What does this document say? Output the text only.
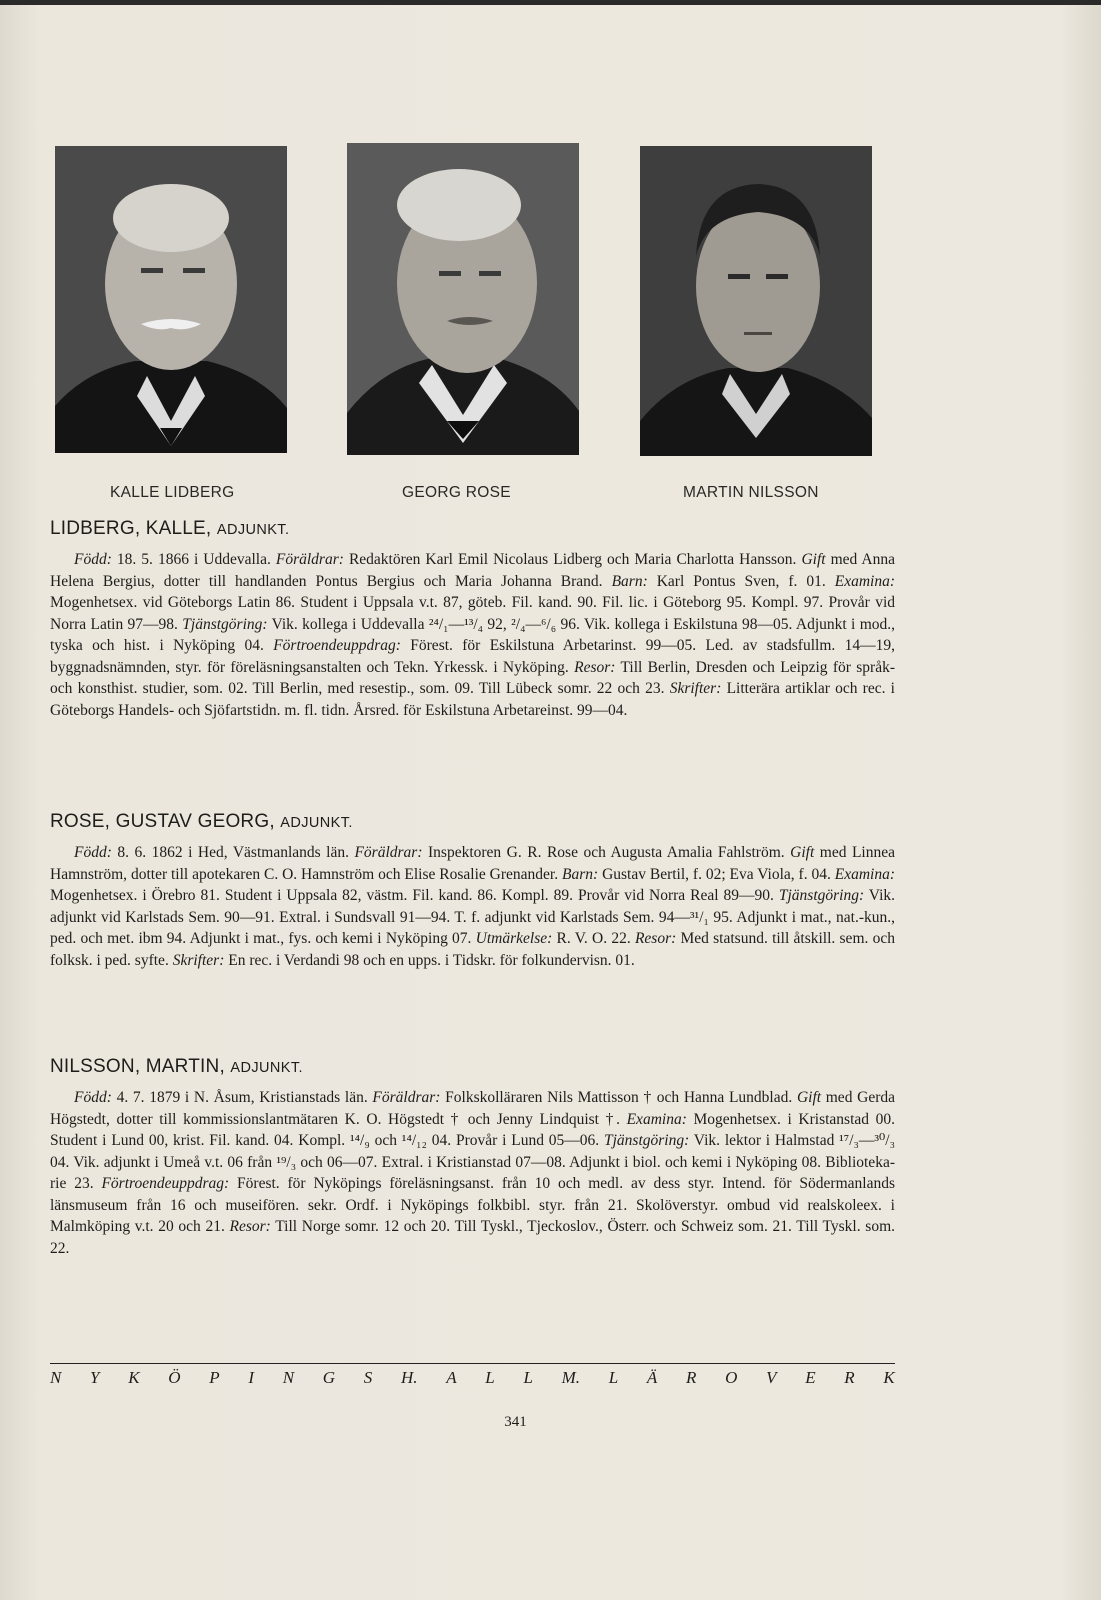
KALLE LIDBERG	GEORG ROSE	MARTIN NILSSON
LIDBERG, KALLE, ADJUNKT.

Född: 18. 5. 1866 i Uddevalla. Föräldrar: Redaktören Karl Emil Nicolaus Lidberg och Maria Charlotta Hansson. Gift med Anna Helena Bergius, dotter till handlanden Pontus Bergius och Maria Johanna Brand. Barn: Karl Pontus Sven, f. 01. Examina: Mogenhetsex. vid Göteborgs Latin 86. Student i Uppsala v.t. 87, göteb. Fil. kand. 90. Fil. lic. i Göteborg 95. Kompl. 97. Provår vid Norra Latin 97—98. Tjänstgöring: Vik. kollega i Uddevalla ²⁴/₁—¹³/₄ 92, ²/₄—⁶/₆ 96. Vik. kollega i Eskilstuna 98—05. Adjunkt i mod., tyska och hist. i Nyköping 04. Förtroendeuppdrag: Förest. för Eskilstuna Arbetarinst. 99—05. Led. av stadsfullm. 14—19, byggnadsnämnden, styr. för föreläsningsanstalten och Tekn. Yrkessk. i Nyköping. Resor: Till Berlin, Dresden och Leipzig för språk- och konsthist. studier, som. 02. Till Berlin, med resestip., som. 09. Till Lübeck somr. 22 och 23. Skrifter: Litterära artiklar och rec. i Göteborgs Handels- och Sjöfartstidn. m. fl. tidn. Årsred. för Eskilstuna Arbetareinst. 99—04.

ROSE, GUSTAV GEORG, ADJUNKT.

Född: 8. 6. 1862 i Hed, Västmanlands län. Föräldrar: Inspektoren G. R. Rose och Augusta Amalia Fahlström. Gift med Linnea Hamnström, dotter till apotekaren C. O. Hamnström och Elise Rosalie Grenander. Barn: Gustav Bertil, f. 02; Eva Viola, f. 04. Examina: Mogenhetsex. i Örebro 81. Student i Uppsala 82, västm. Fil. kand. 86. Kompl. 89. Provår vid Norra Real 89—90. Tjänstgöring: Vik. adjunkt vid Karlstads Sem. 90—91. Extral. i Sundsvall 91—94. T. f. adjunkt vid Karlstads Sem. 94—³¹/₁ 95. Adjunkt i mat., nat.-kun., ped. och met. ibm 94. Adjunkt i mat., fys. och kemi i Nyköping 07. Utmärkelse: R. V. O. 22. Resor: Med statsund. till åtskill. sem. och folksk. i ped. syfte. Skrifter: En rec. i Verdandi 98 och en upps. i Tidskr. för folkundervisn. 01.

NILSSON, MARTIN, ADJUNKT.

Född: 4. 7. 1879 i N. Åsum, Kristianstads län. Föräldrar: Folkskolläraren Nils Mattisson † och Hanna Lundblad. Gift med Gerda Högstedt, dotter till kommissionslantmätaren K. O. Högstedt † och Jenny Lindquist †. Examina: Mogenhetsex. i Kristanstad 00. Student i Lund 00, krist. Fil. kand. 04. Kompl. ¹⁴/₉ och ¹⁴/₁₂ 04. Provår i Lund 05—06. Tjänstgöring: Vik. lektor i Halmstad ¹⁷/₃—³⁰/₃ 04. Vik. adjunkt i Umeå v.t. 06 från ¹⁹/₃ och 06—07. Extral. i Kristianstad 07—08. Adjunkt i biol. och kemi i Nyköping 08. Bibliotekarie 23. Förtroendeuppdrag: Förest. för Nyköpings föreläsningsanst. från 10 och medl. av dess styr. Intend. för Södermanlands länsmuseum från 16 och museifören. sekr. Ordf. i Nyköpings folkbibl. styr. från 21. Skolöverstyr. ombud vid realskoleex. i Malmköping v.t. 20 och 21. Resor: Till Norge somr. 12 och 20. Till Tyskl., Tjeckoslov., Österr. och Schweiz som. 21. Till Tyskl. som. 22.

N Y K Ö P I N G S H. A L L M. L Ä R O V E R K
341
